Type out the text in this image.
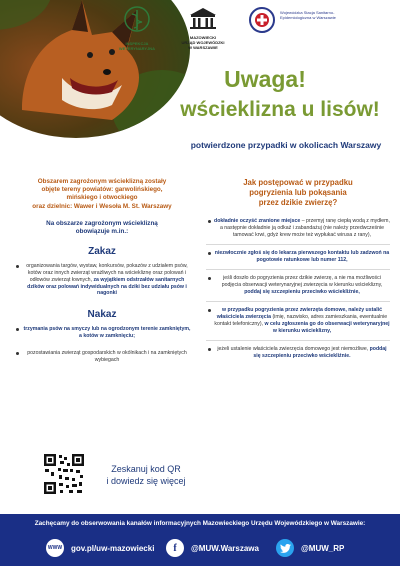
INSPEKCJA WETERYNARYJNA
MAZOWIECKI
URZĄD WOJEWÓDZKI
W WARSZAWIE
Wojewódzka Stacja Sanitarno-Epidemiologiczna w Warszawie
Uwaga!
wścieklizna u lisów!
potwierdzone przypadki w okolicach Warszawy
Obszarem zagrożonym wścieklizną zostały
objęte tereny powiatów: garwolińskiego,
mińskiego i otwockiego
oraz dzielnic: Wawer i Wesoła M. St. Warszawy
Na obszarze zagrożonym wścieklizną
obowiązuje m.in.:
Zakaz
organizowania targów, wystaw, konkursów, pokazów z udziałem psów, kotów oraz innych zwierząt wrażliwych na wściekliznę oraz polowań i odłowów zwierząt łownych, za wyjątkiem odstrzałów sanitarnych dzików oraz polowań indywidualnych na dziki bez udziału psów i nagonki
Nakaz
trzymania psów na smyczy lub na ogrodzonym terenie zamkniętym, a kotów w zamknięciu;
pozostawiania zwierząt gospodarskich w okólnikach i na zamkniętych wybiegach
Zeskanuj kod QR
i dowiedz się więcej
Jak postępować w przypadku
pogryzienia lub pokąsania
przez dzikie zwierzę?
dokładnie oczyść zranione miejsce – przemyj ranę ciepłą wodą z mydłem, a następnie dokładnie ją odkaź i zabandażuj (nie należy przedwcześnie tamować krwi, gdyż krew może też wypłukać wirusa z rany),
niezwłocznie zgłoś się do lekarza pierwszego kontaktu lub zadzwoń na pogotowie ratunkowe lub numer 112,
jeśli doszło do pogryzienia przez dzikie zwierzę, a nie ma możliwości podjęcia obserwacji weterynaryjnej zwierzęcia w kierunku wścieklizny, poddaj się szczepieniu przeciwko wściekliźnie,
w przypadku pogryzienia przez zwierzęta domowe, należy ustalić właściciela zwierzęcia (imię, nazwisko, adres zamieszkania, ewentualnie kontakt telefoniczny), w celu zgłoszenia go do obserwacji weterynaryjnej w kierunku wścieklizny,
jeżeli ustalenie właściciela zwierzęcia domowego jest niemożliwe, poddaj się szczepieniu przeciwko wściekliźnie.
Zachęcamy do obserwowania kanałów informacyjnych Mazowieckiego Urzędu Wojewódzkiego w Warszawie:
WWW gov.pl/uw-mazowiecki	f	@MUW.Warszawa	@MUW_RP
